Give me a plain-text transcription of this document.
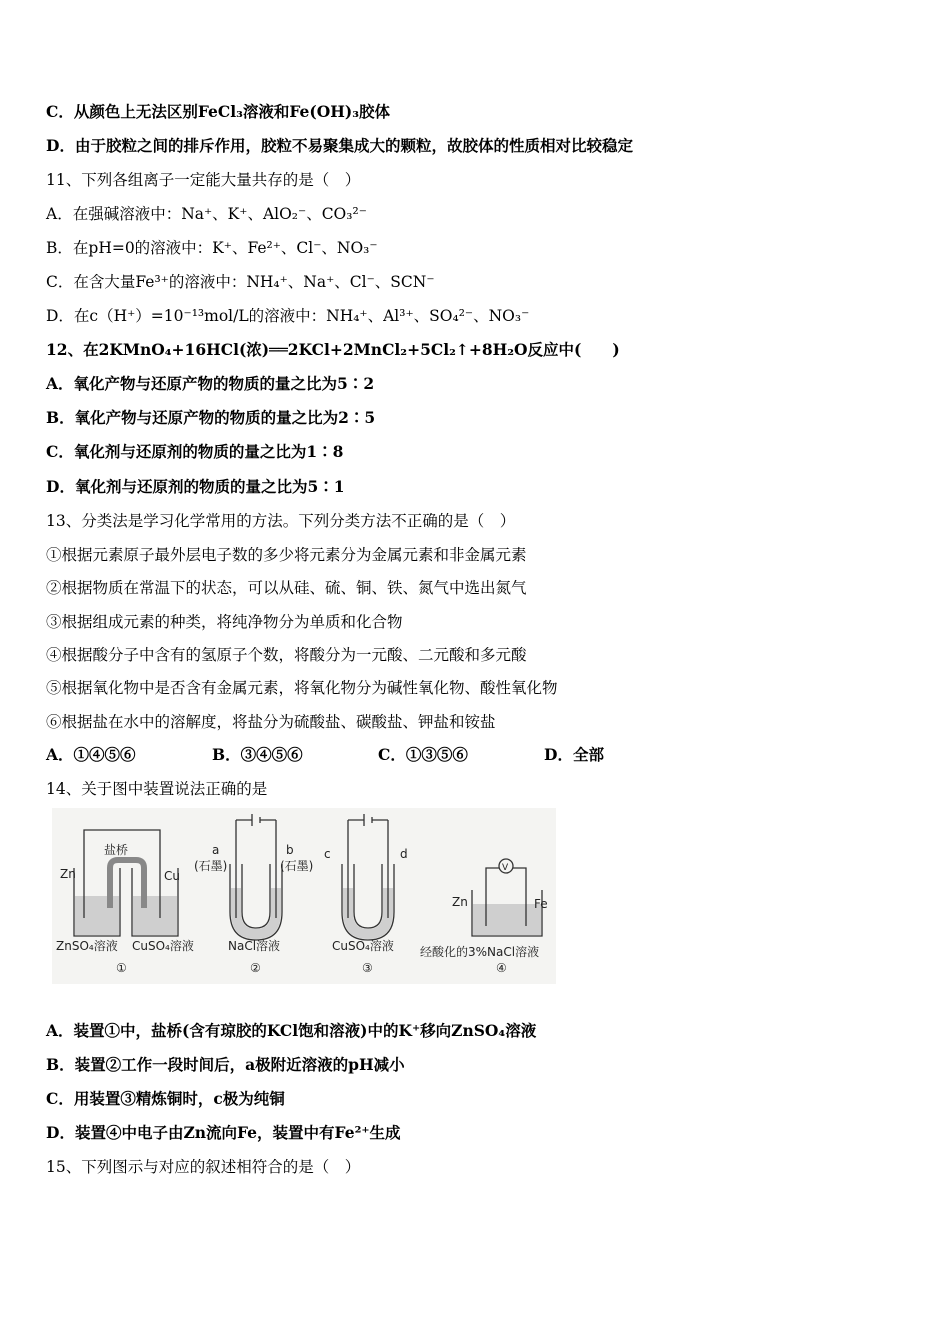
C．从颜色上无法区别FeCl₃溶液和Fe(OH)₃胶体
D．由于胶粒之间的排斥作用，胶粒不易聚集成大的颗粒，故胶体的性质相对比较稳定
11、下列各组离子一定能大量共存的是（　）
A．在强碱溶液中：Na⁺、K⁺、AlO₂⁻、CO₃²⁻
B．在pH=0的溶液中：K⁺、Fe²⁺、Cl⁻、NO₃⁻
C．在含大量Fe³⁺的溶液中：NH₄⁺、Na⁺、Cl⁻、SCN⁻
D．在c（H⁺）=10⁻¹³mol/L的溶液中：NH₄⁺、Al³⁺、SO₄²⁻、NO₃⁻
12、在2KMnO₄+16HCl(浓)══2KCl+2MnCl₂+5Cl₂↑+8H₂O反应中(　　)
A．氧化产物与还原产物的物质的量之比为5∶2
B．氧化产物与还原产物的物质的量之比为2∶5
C．氧化剂与还原剂的物质的量之比为1∶8
D．氧化剂与还原剂的物质的量之比为5∶1
13、分类法是学习化学常用的方法。下列分类方法不正确的是（　）
①根据元素原子最外层电子数的多少将元素分为金属元素和非金属元素
②根据物质在常温下的状态，可以从硅、硫、铜、铁、氮气中选出氮气
③根据组成元素的种类，将纯净物分为单质和化合物
④根据酸分子中含有的氢原子个数，将酸分为一元酸、二元酸和多元酸
⑤根据氧化物中是否含有金属元素，将氧化物分为碱性氧化物、酸性氧化物
⑥根据盐在水中的溶解度，将盐分为硫酸盐、碳酸盐、钾盐和铵盐
A．①④⑤⑥	B．③④⑤⑥	C．①③⑤⑥	D．全部
14、关于图中装置说法正确的是
Zn	Cu
盐桥
ZnSO₄溶液 CuSO₄溶液
①
a	b
(石墨)	(石墨)
NaCl溶液
②
c	d
CuSO₄溶液
③
V
Zn	Fe
经酸化的3%NaCl溶液
④
A．装置①中，盐桥(含有琼胶的KCl饱和溶液)中的K⁺移向ZnSO₄溶液
B．装置②工作一段时间后，a极附近溶液的pH减小
C．用装置③精炼铜时，c极为纯铜
D．装置④中电子由Zn流向Fe，装置中有Fe²⁺生成
15、下列图示与对应的叙述相符合的是（　）
